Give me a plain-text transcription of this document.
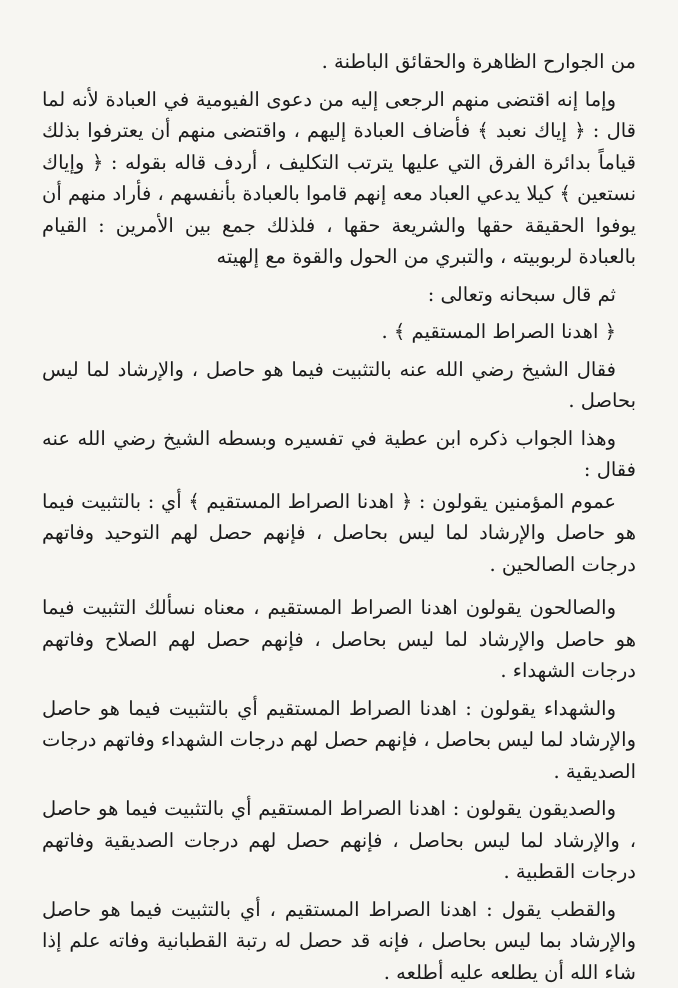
من الجوارح الظاهرة والحقائق الباطنة .

وإما إنه اقتضى منهم الرجعى إليه من دعوى الفيومية في العبادة لأنه لما قال : ﴿ إياك نعبد ﴾ فأضاف العبادة إليهم ، واقتضى منهم أن يعترفوا بذلك قياماً بدائرة الفرق التي عليها يترتب التكليف ، أردف قاله بقوله : ﴿ وإياك نستعين ﴾ كيلا يدعي العباد معه إنهم قاموا بالعبادة بأنفسهم ، فأراد منهم أن يوفوا الحقيقة حقها والشريعة حقها ، فلذلك جمع بين الأمرين : القيام بالعبادة لربوبيته ، والتبري من الحول والقوة مع إلهيته

ثم قال سبحانه وتعالى :

﴿ اهدنا الصراط المستقيم ﴾ .

فقال الشيخ رضي الله عنه بالتثبيت فيما هو حاصل ، والإرشاد لما ليس بحاصل .

وهذا الجواب ذكره ابن عطية في تفسيره وبسطه الشيخ رضي الله عنه فقال :

عموم المؤمنين يقولون : ﴿ اهدنا الصراط المستقيم ﴾ أي : بالتثبيت فيما هو حاصل والإرشاد لما ليس بحاصل ، فإنهم حصل لهم التوحيد وفاتهم درجات الصالحين .

والصالحون يقولون اهدنا الصراط المستقيم ، معناه نسألك التثبيت فيما هو حاصل والإرشاد لما ليس بحاصل ، فإنهم حصل لهم الصلاح وفاتهم درجات الشهداء .

والشهداء يقولون : اهدنا الصراط المستقيم أي بالتثبيت فيما هو حاصل والإرشاد لما ليس بحاصل ، فإنهم حصل لهم درجات الشهداء وفاتهم درجات الصديقية .

والصديقون يقولون : اهدنا الصراط المستقيم أي بالتثبيت فيما هو حاصل ، والإرشاد لما ليس بحاصل ، فإنهم حصل لهم درجات الصديقية وفاتهم درجات القطبية .

والقطب يقول : اهدنا الصراط المستقيم ، أي بالتثبيت فيما هو حاصل والإرشاد بما ليس بحاصل ، فإنه قد حصل له رتبة القطبانية وفاته علم إذا شاء الله أن يطلعه عليه أطلعه .
